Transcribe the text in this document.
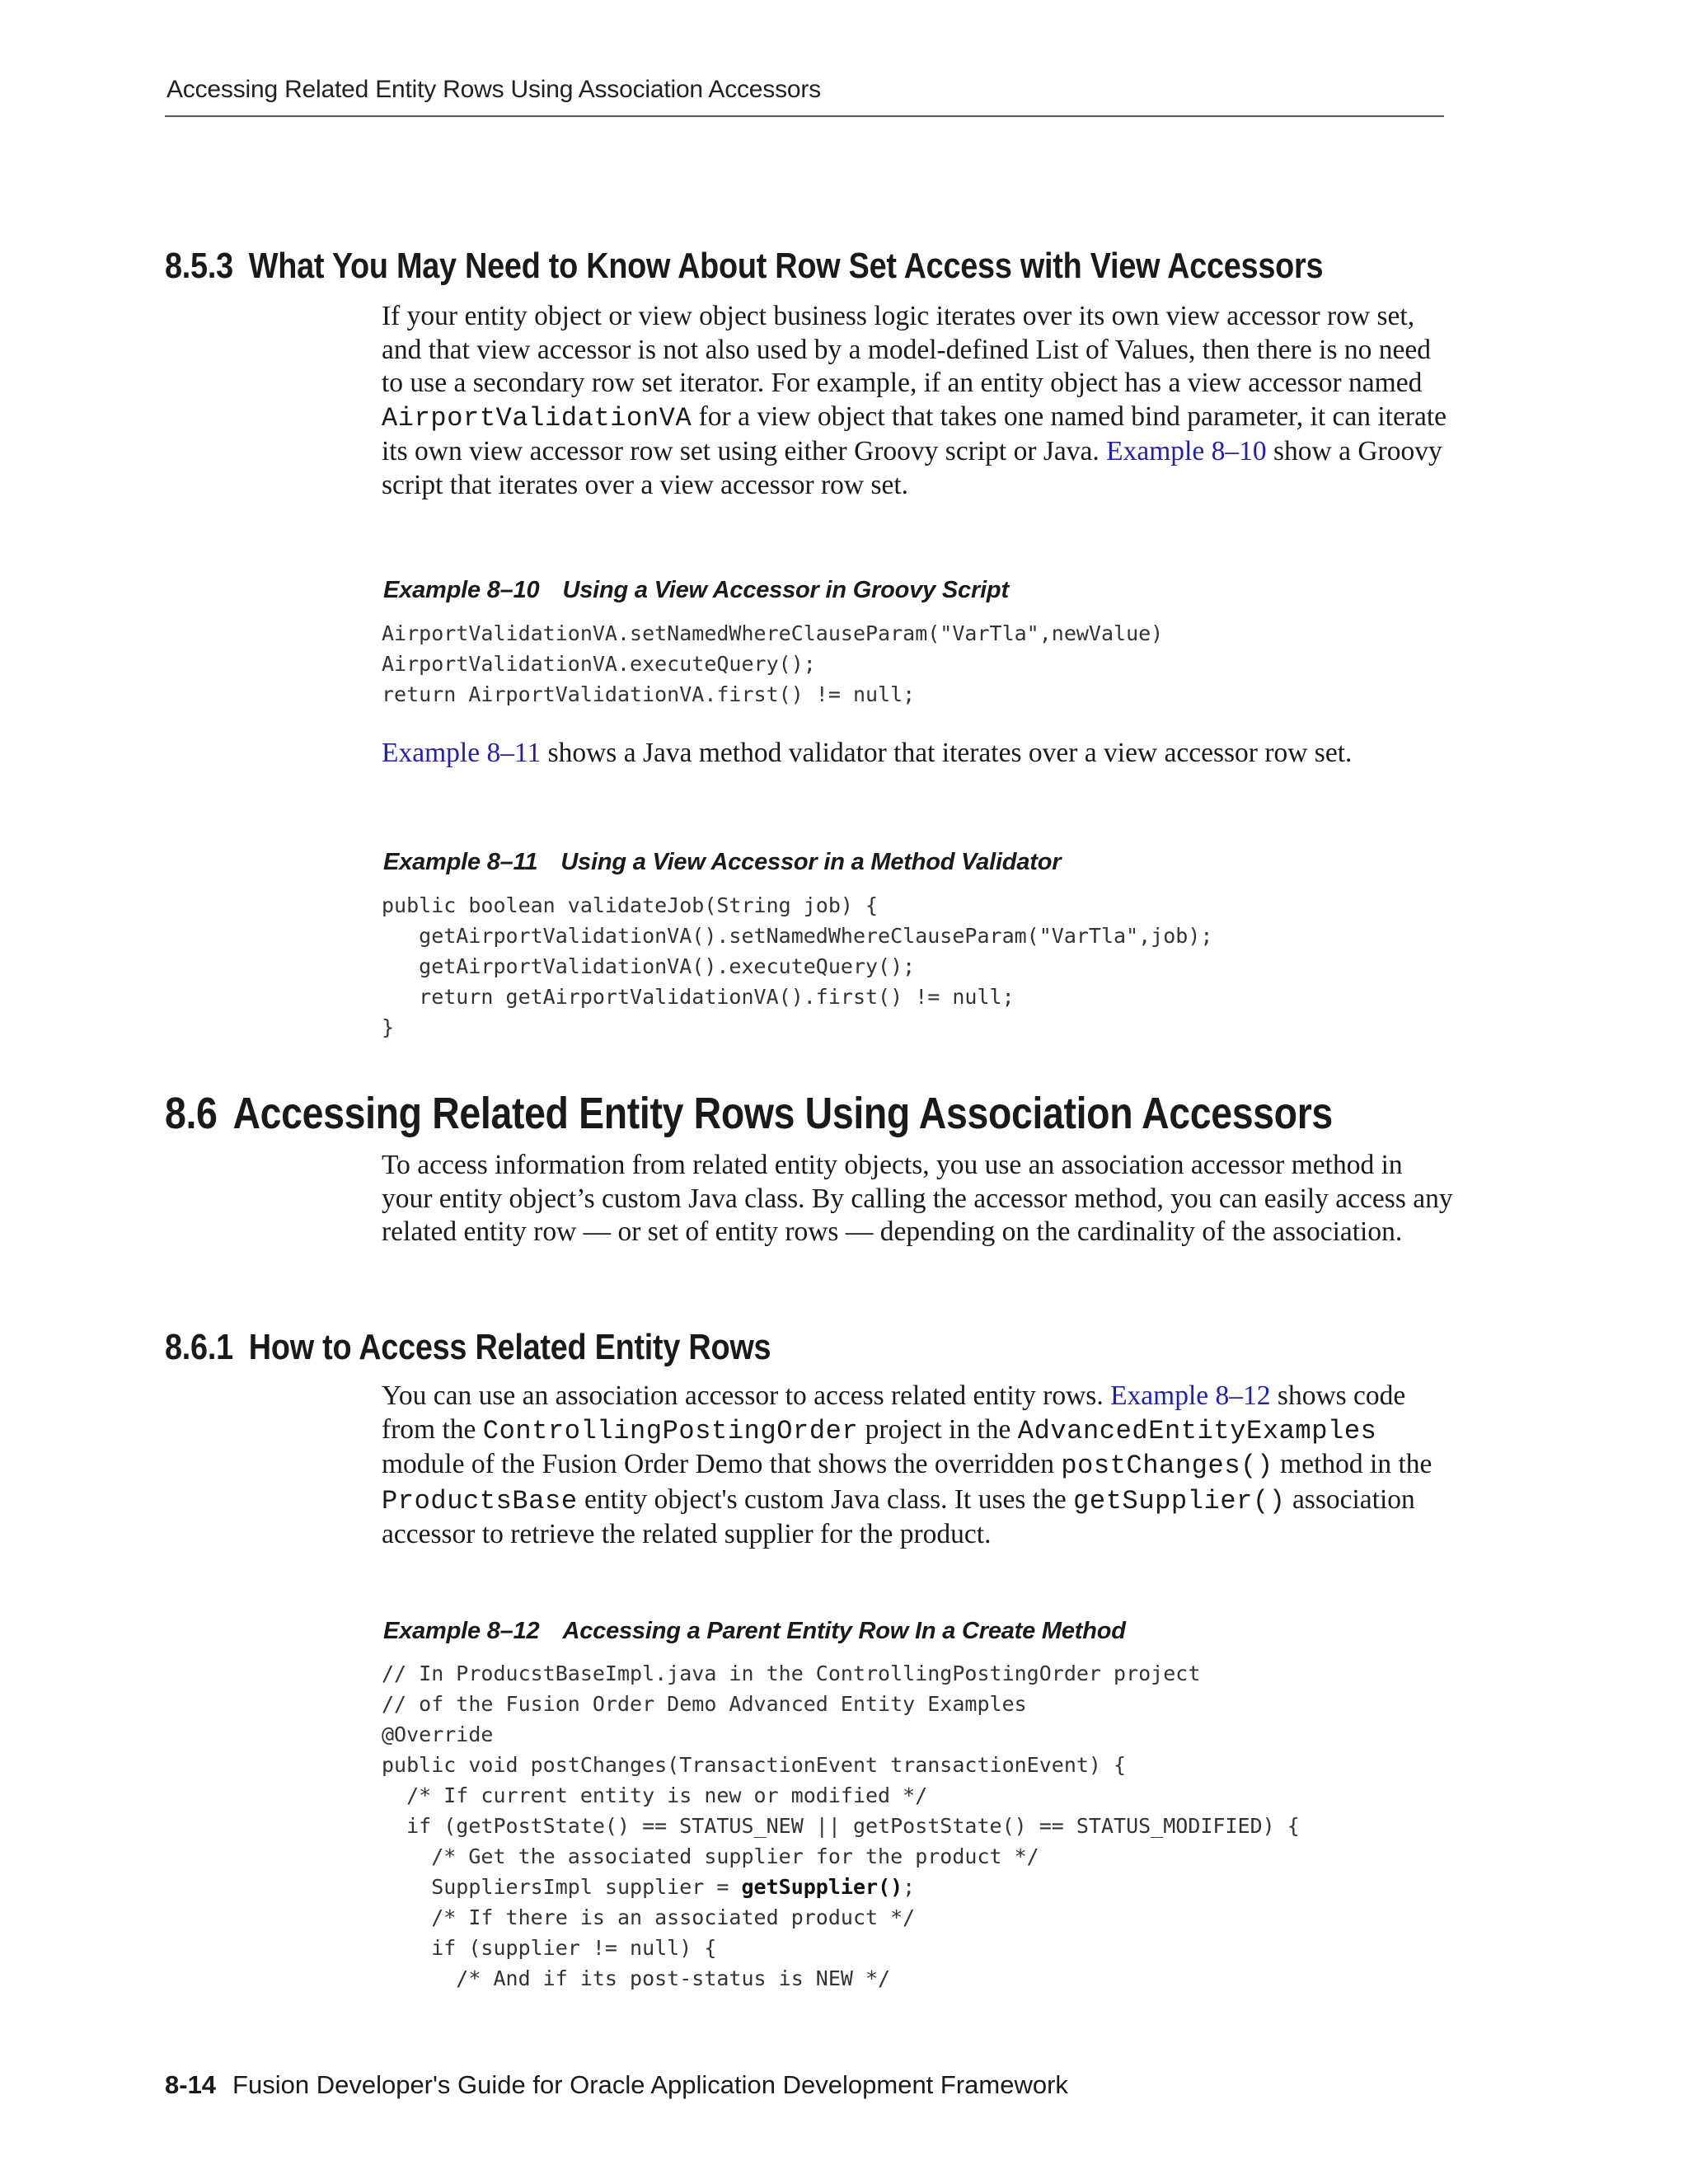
Accessing Related Entity Rows Using Association Accessors
8.5.3 What You May Need to Know About Row Set Access with View Accessors

If your entity object or view object business logic iterates over its own view accessor row set, and that view accessor is not also used by a model-defined List of Values, then there is no need to use a secondary row set iterator. For example, if an entity object has a view accessor named AirportValidationVA for a view object that takes one named bind parameter, it can iterate its own view accessor row set using either Groovy script or Java. Example 8–10 show a Groovy script that iterates over a view accessor row set.

Example 8–10 Using a View Accessor in Groovy Script
AirportValidationVA.setNamedWhereClauseParam("VarTla",newValue)
AirportValidationVA.executeQuery();
return AirportValidationVA.first() != null;

Example 8–11 shows a Java method validator that iterates over a view accessor row set.

Example 8–11 Using a View Accessor in a Method Validator
public boolean validateJob(String job) {
getAirportValidationVA().setNamedWhereClauseParam("VarTla",job);
getAirportValidationVA().executeQuery();
return getAirportValidationVA().first() != null;
}
8.6 Accessing Related Entity Rows Using Association Accessors

To access information from related entity objects, you use an association accessor method in your entity object’s custom Java class. By calling the accessor method, you can easily access any related entity row — or set of entity rows — depending on the cardinality of the association.

8.6.1 How to Access Related Entity Rows

You can use an association accessor to access related entity rows. Example 8–12 shows code from the ControllingPostingOrder project in the AdvancedEntityExamples module of the Fusion Order Demo that shows the overridden postChanges() method in the ProductsBase entity object's custom Java class. It uses the getSupplier() association accessor to retrieve the related supplier for the product.

Example 8–12 Accessing a Parent Entity Row In a Create Method
// In ProducstBaseImpl.java in the ControllingPostingOrder project
// of the Fusion Order Demo Advanced Entity Examples
@Override
public void postChanges(TransactionEvent transactionEvent) {
/* If current entity is new or modified */
if (getPostState() == STATUS_NEW || getPostState() == STATUS_MODIFIED) {
/* Get the associated supplier for the product */
SuppliersImpl supplier = getSupplier();
/* If there is an associated product */
if (supplier != null) {
/* And if its post-status is NEW */
8-14 Fusion Developer's Guide for Oracle Application Development Framework
